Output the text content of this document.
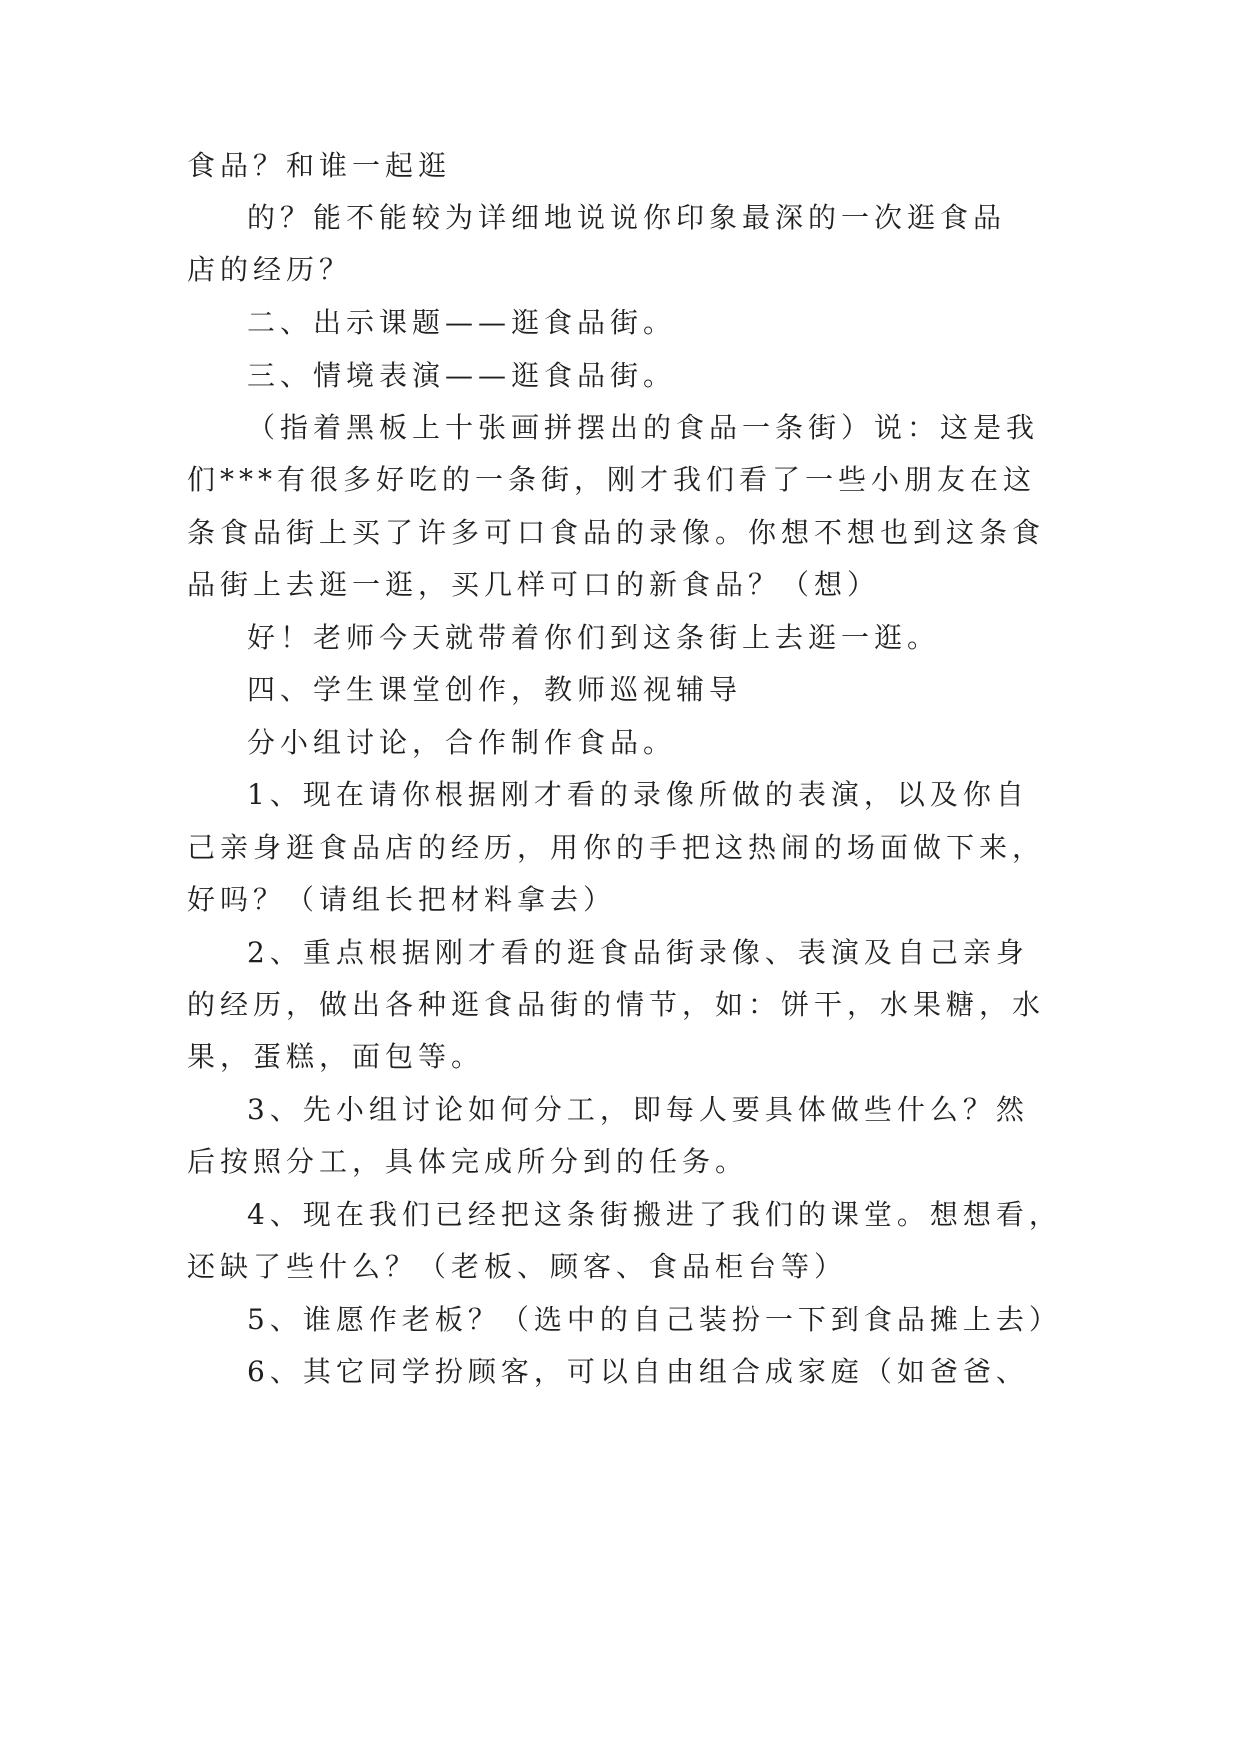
食品？和谁一起逛
的？能不能较为详细地说说你印象最深的一次逛食品
店的经历？
二、出示课题——逛食品街。
三、情境表演——逛食品街。
（指着黑板上十张画拼摆出的食品一条街）说：这是我
们***有很多好吃的一条街，刚才我们看了一些小朋友在这
条食品街上买了许多可口食品的录像。你想不想也到这条食
品街上去逛一逛，买几样可口的新食品？（想）
好！老师今天就带着你们到这条街上去逛一逛。
四、学生课堂创作，教师巡视辅导
分小组讨论，合作制作食品。
1、现在请你根据刚才看的录像所做的表演，以及你自
己亲身逛食品店的经历，用你的手把这热闹的场面做下来，
好吗？（请组长把材料拿去）
2、重点根据刚才看的逛食品街录像、表演及自己亲身
的经历，做出各种逛食品街的情节，如：饼干，水果糖，水
果，蛋糕，面包等。
3、先小组讨论如何分工，即每人要具体做些什么？然
后按照分工，具体完成所分到的任务。
4、现在我们已经把这条街搬进了我们的课堂。想想看，
还缺了些什么？（老板、顾客、食品柜台等）
5、谁愿作老板？（选中的自己装扮一下到食品摊上去）
6、其它同学扮顾客，可以自由组合成家庭（如爸爸、
